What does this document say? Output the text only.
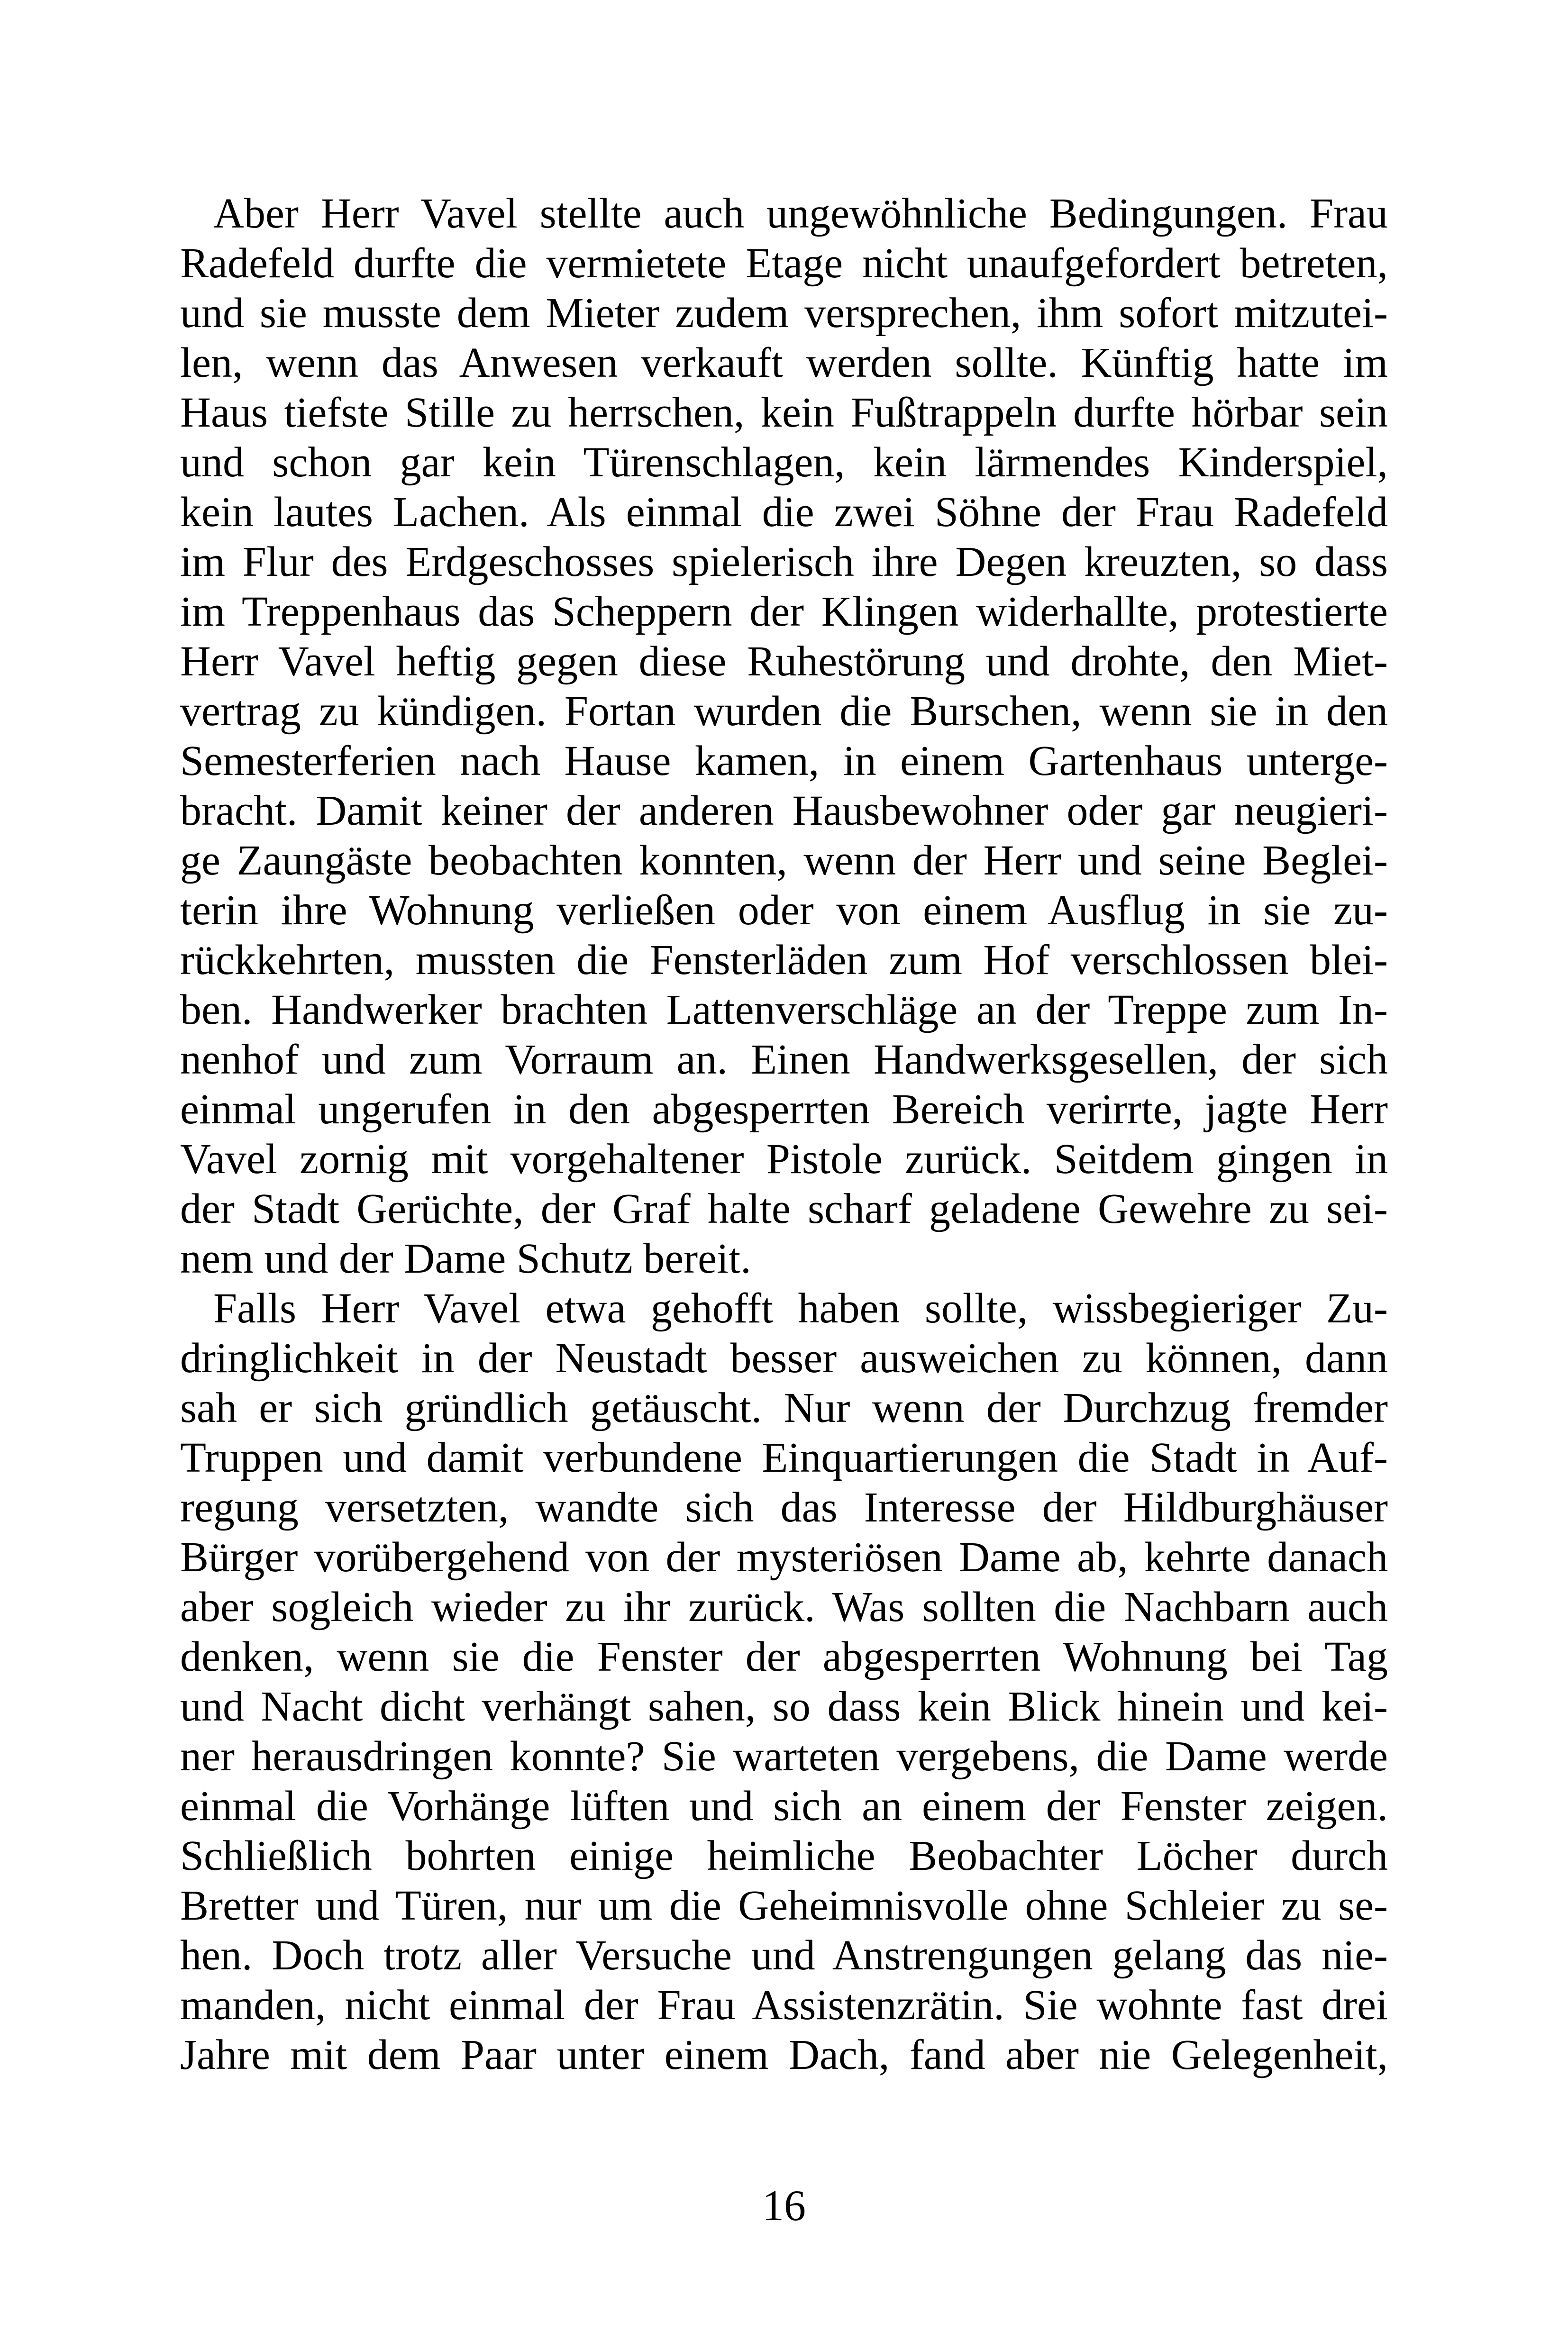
Aber Herr Vavel stellte auch ungewöhnliche Bedingungen. Frau
Radefeld durfte die vermietete Etage nicht unaufgefordert betreten,
und sie musste dem Mieter zudem versprechen, ihm sofort mitzutei-
len, wenn das Anwesen verkauft werden sollte. Künftig hatte im
Haus tiefste Stille zu herrschen, kein Fußtrappeln durfte hörbar sein
und schon gar kein Türenschlagen, kein lärmendes Kinderspiel,
kein lautes Lachen. Als einmal die zwei Söhne der Frau Radefeld
im Flur des Erdgeschosses spielerisch ihre Degen kreuzten, so dass
im Treppenhaus das Scheppern der Klingen widerhallte, protestierte
Herr Vavel heftig gegen diese Ruhestörung und drohte, den Miet-
vertrag zu kündigen. Fortan wurden die Burschen, wenn sie in den
Semesterferien nach Hause kamen, in einem Gartenhaus unterge-
bracht. Damit keiner der anderen Hausbewohner oder gar neugieri-
ge Zaungäste beobachten konnten, wenn der Herr und seine Beglei-
terin ihre Wohnung verließen oder von einem Ausflug in sie zu-
rückkehrten, mussten die Fensterläden zum Hof verschlossen blei-
ben. Handwerker brachten Lattenverschläge an der Treppe zum In-
nenhof und zum Vorraum an. Einen Handwerksgesellen, der sich
einmal ungerufen in den abgesperrten Bereich verirrte, jagte Herr
Vavel zornig mit vorgehaltener Pistole zurück. Seitdem gingen in
der Stadt Gerüchte, der Graf halte scharf geladene Gewehre zu sei-
nem und der Dame Schutz bereit.
Falls Herr Vavel etwa gehofft haben sollte, wissbegieriger Zu-
dringlichkeit in der Neustadt besser ausweichen zu können, dann
sah er sich gründlich getäuscht. Nur wenn der Durchzug fremder
Truppen und damit verbundene Einquartierungen die Stadt in Auf-
regung versetzten, wandte sich das Interesse der Hildburghäuser
Bürger vorübergehend von der mysteriösen Dame ab, kehrte danach
aber sogleich wieder zu ihr zurück. Was sollten die Nachbarn auch
denken, wenn sie die Fenster der abgesperrten Wohnung bei Tag
und Nacht dicht verhängt sahen, so dass kein Blick hinein und kei-
ner herausdringen konnte? Sie warteten vergebens, die Dame werde
einmal die Vorhänge lüften und sich an einem der Fenster zeigen.
Schließlich bohrten einige heimliche Beobachter Löcher durch
Bretter und Türen, nur um die Geheimnisvolle ohne Schleier zu se-
hen. Doch trotz aller Versuche und Anstrengungen gelang das nie-
manden, nicht einmal der Frau Assistenzrätin. Sie wohnte fast drei
Jahre mit dem Paar unter einem Dach, fand aber nie Gelegenheit,
16
